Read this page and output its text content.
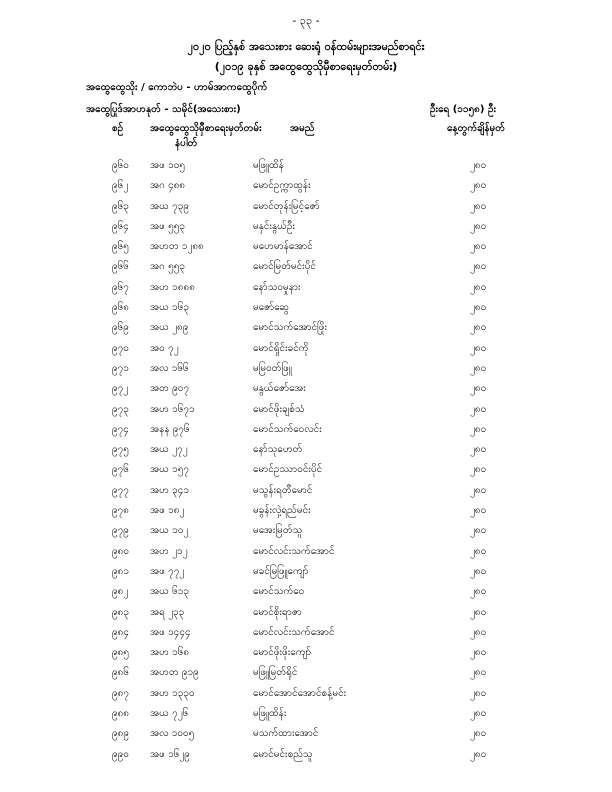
- ၃၃ -
၂၀၂၀ ပြည့်နှစ် အသေးစား ဆေးရုံ ဝန်ထမ်းများအမည်စာရင်း
(၂၀၁၉ ခုနှစ် အထွေထွေသိုမှီစာရေးမှတ်တမ်း)
အထွေထွေသိုး / ကောဘဲပ - ဟာမ်အာကထွေပိုက်
အထွေပြုဒ်အာဟနုတ် - သမိုင်(အသေးစား)	ဦးရေ (၁၁၅၈) ဦး
စဉ်	အထွေထွေသိုမှီစာရေးမှတ်တမ်း
နံပါတ်
အမည်	နေ့တွက်ချိန်မှတ်
၉၆၀ အဖ ၁၀၅	မဖြူထိန်	၂၈၀
၉၆၂ အဂ ၄၈၈	မောင်ဥက္ကာထွန်း	၂၈၀
၉၆၃ အယ ၇၃၉	မောင်တုန်းမြင့်ဇော်	၂၈၀
၉၆၄ အဖ ၅၅၃	မနှင်းနွယ်ဦး	၂၈၀
၉၆၅ အဟတ ၁၂၈၈	မဟေမာန်အောင်	၂၈၀
၉၆၆ အဂ ၅၅၃	မောင်မြတ်မင်းပိုင်	၂၈၀
၉၆၇ အဟ ၁၈၈၈	နော်သဝမှုနား	၂၈၀
၉၆၈ အယ ၁၆၃	မဇော်ဆွေ	၂၈၀
၉၆၉ အယ ၂၈၉	မောင်သက်အောင်ဖြိုး	၂၈၀
၉၇၀ အဝ ၇၂	မောင်ရှိုင်းခင်ကို	၂၈၀
၉၇၁ အလ ၁၆၆	မမြဝတ်ဖြူ	၂၈၀
၉၇၂ အတ ၉၀၇	မနွယ်ဇော်အေး	၂၈၀
၉၇၃ အဟ ၁၆၇၁	မောင်ဖိုးချစ်သံ	၂၈၀
၉၇၄ အနန ၉၇၆	မောင်သက်ဝေလင်း	၂၈၀
၉၇၅ အယ ၂၇၂	နော်သုဟေတ်	၂၈၀
၉၇၆ အယ ၁၅၇	မောင်ဥဿာဝင်းပိုင်	၂၈၀
၉၇၇ အဟ ၃၄၁	မသွန်းရတီမောင်	၂၈၀
၉၇၈ အဖ ၁၈၂	မခွန်းလှဲ့ရည်မင်း	၂၈၀
၉၇၉ အယ ၁၀၂	မအေးမြတ်သူ	၂၈၀
၉၈၀ အဟ ၂၁၂	မောင်လင်းသက်အောင်	၂၈၀
၉၈၁ အဖ ၇၇၂	မခင်မြဖြူကျော်	၂၈၀
၉၈၂ အယ ၆၁၃	မောင်သက်ဝေ	၂၈၀
၉၈၃ အရ ၂၃၃	မောင်စိုးရာဇာ	၂၈၀
၉၈၄ အဖ ၁၄၄၄	မောင်လင်းသက်အောင်	၂၈၀
၉၈၅ အဟ ၁၆၈	မောင်ဖိုးဖိုးကျော်	၂၈၀
၉၈၆ အဟတ ၉၁၉	မဖြူမြတ်ရိုင်	၂၈၀
၉၈၇ အဟ ၁၃၃၀	မောင်အောင်အောင်စန့်မင်း	၂၈၀
၉၈၈ အယ ၇၂၆	မဖြူထိန်း	၂၈၀
၉၈၉ အလ ၁၀၀၅	မသက်ထားအောင်	၂၈၀
၉၉၀ အဖ ၁၆၂၉	မောင်မင်းစည်သူ	၂၈၀
